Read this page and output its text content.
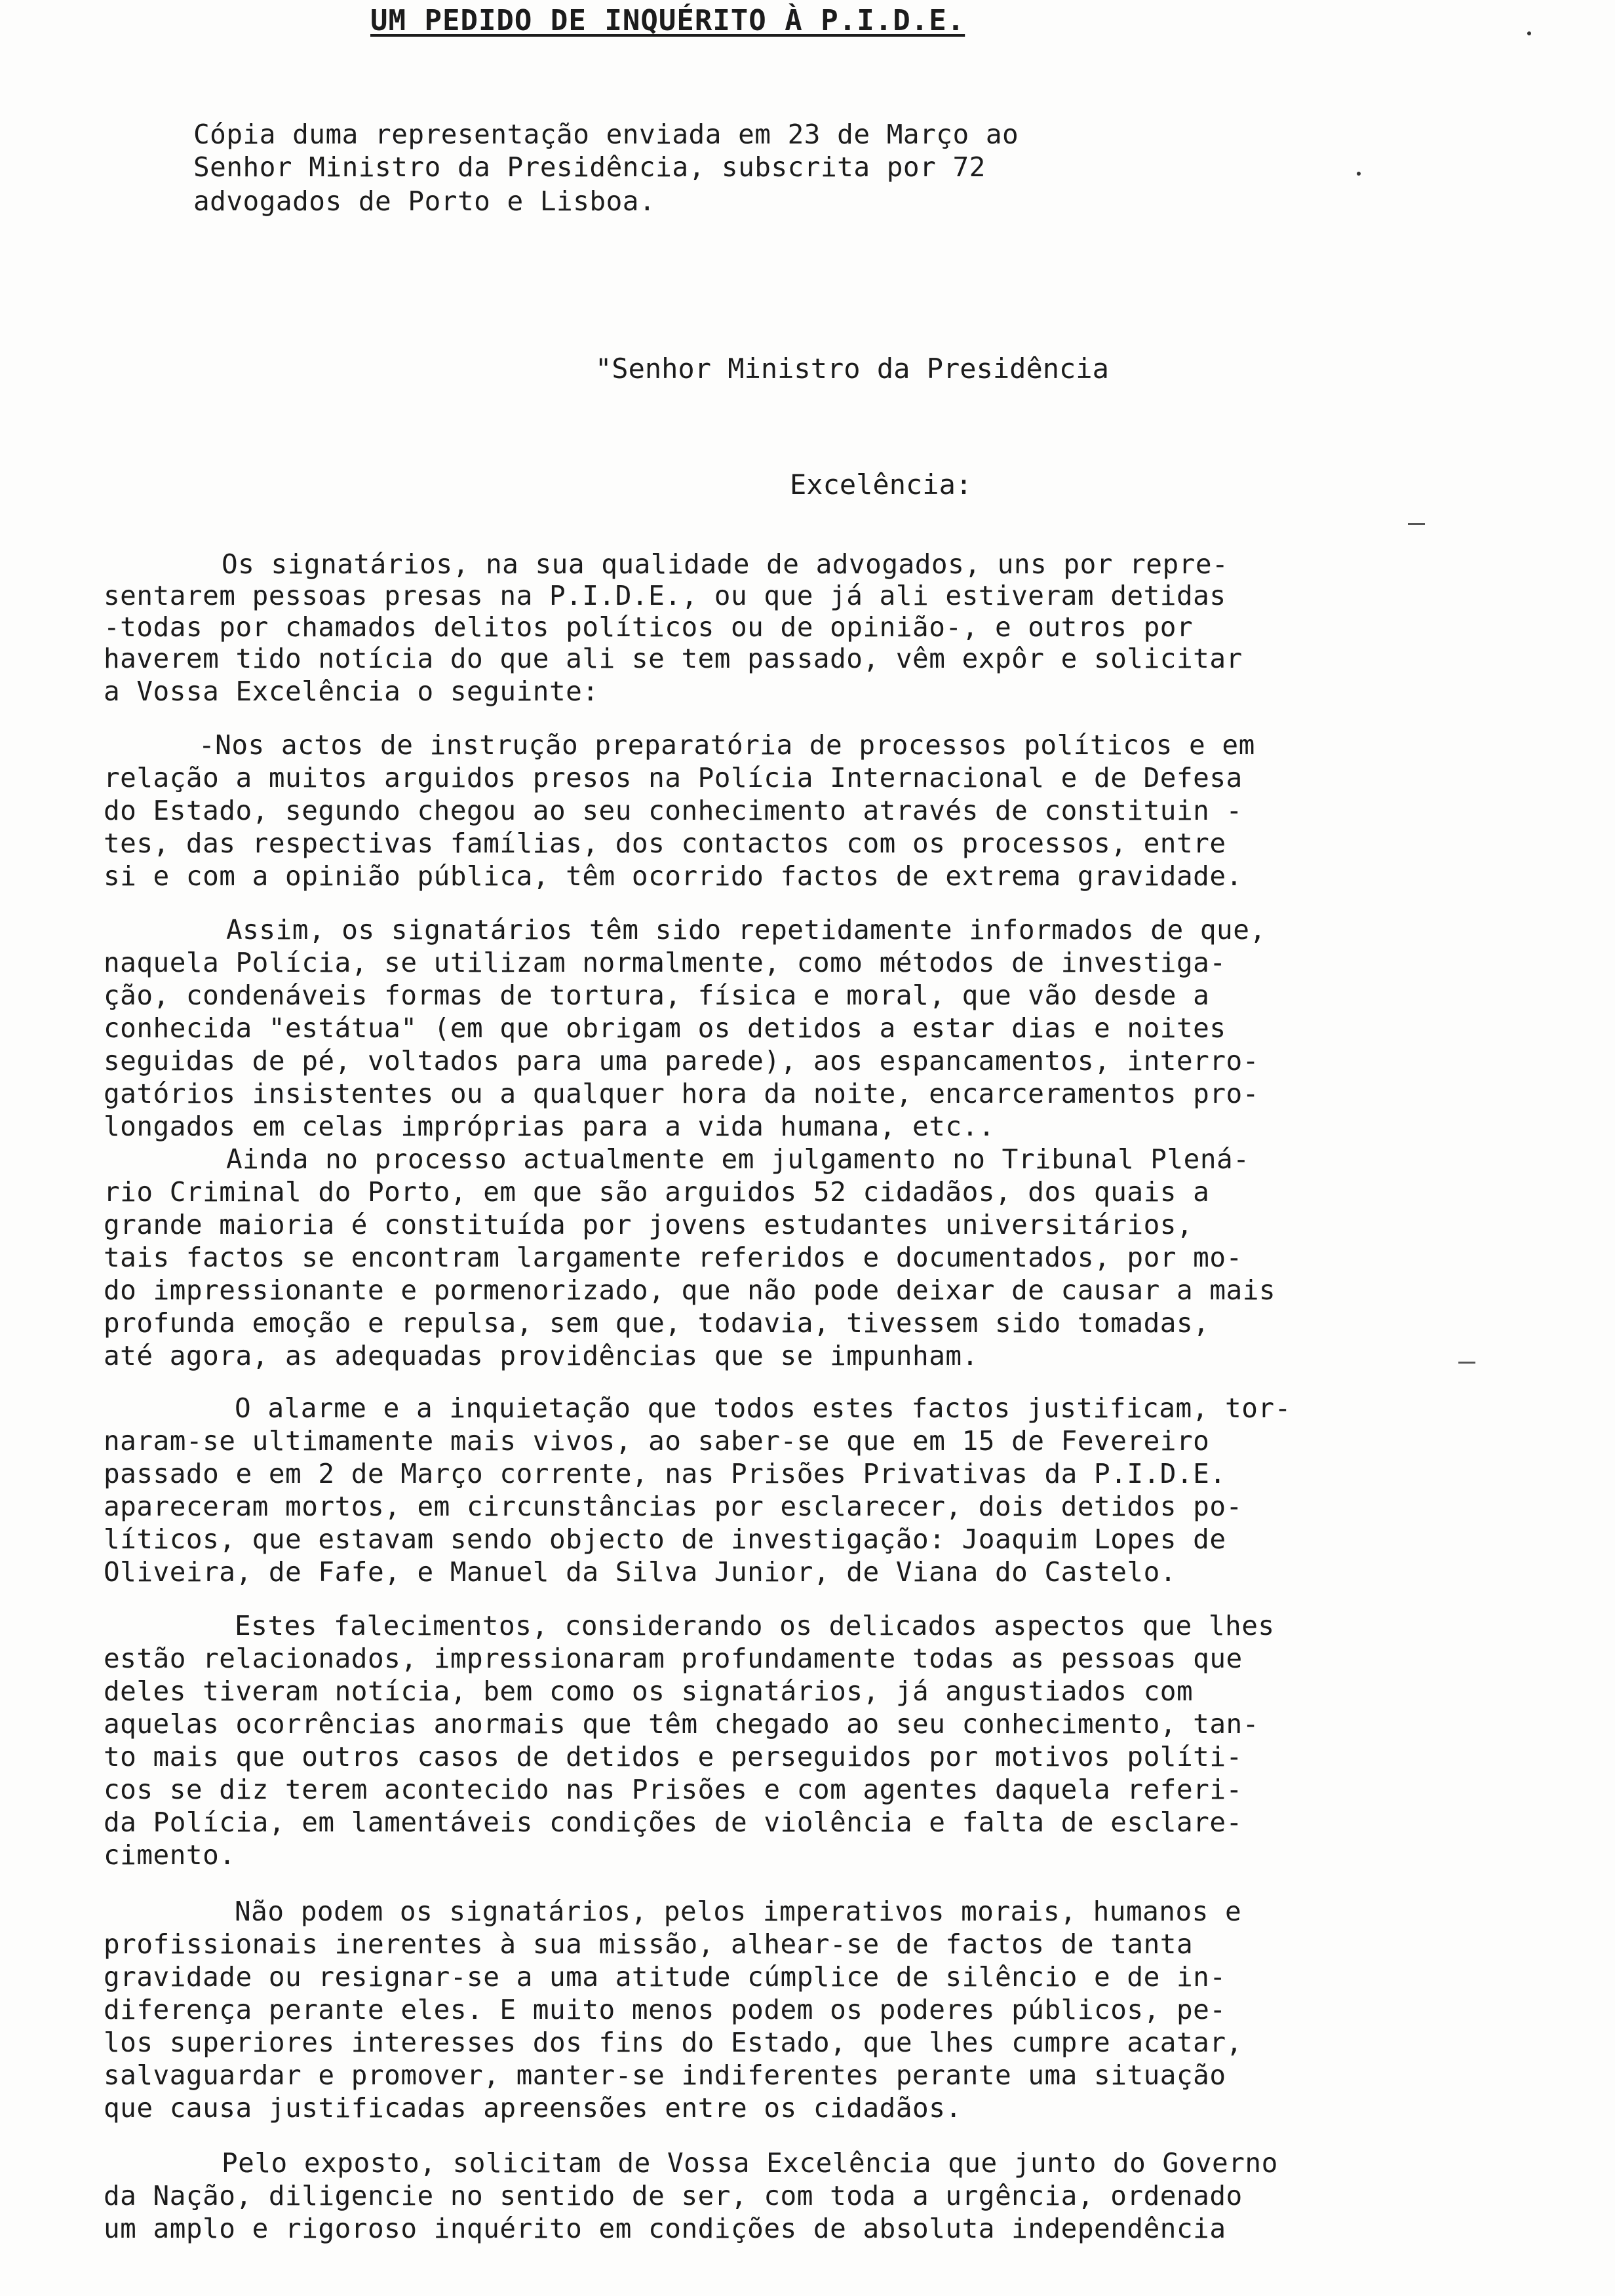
UM PEDIDO DE INQUÉRITO À P.I.D.E.
Cópia duma representação enviada em 23 de Março ao
Senhor Ministro da Presidência, subscrita por 72
advogados de Porto e Lisboa.
"Senhor Ministro da Presidência
Excelência:
Os signatários, na sua qualidade de advogados, uns por repre-
sentarem pessoas presas na P.I.D.E., ou que já ali estiveram detidas
-todas por chamados delitos políticos ou de opinião-, e outros por
haverem tido notícia do que ali se tem passado, vêm expôr e solicitar
a Vossa Excelência o seguinte:
-Nos actos de instrução preparatória de processos políticos e em
relação a muitos arguidos presos na Polícia Internacional e de Defesa
do Estado, segundo chegou ao seu conhecimento através de constituin -
tes, das respectivas famílias, dos contactos com os processos, entre
si e com a opinião pública, têm ocorrido factos de extrema gravidade.
Assim, os signatários têm sido repetidamente informados de que,
naquela Polícia, se utilizam normalmente, como métodos de investiga-
ção, condenáveis formas de tortura, física e moral, que vão desde a
conhecida "estátua" (em que obrigam os detidos a estar dias e noites
seguidas de pé, voltados para uma parede), aos espancamentos, interro-
gatórios insistentes ou a qualquer hora da noite, encarceramentos pro-
longados em celas impróprias para a vida humana, etc..
Ainda no processo actualmente em julgamento no Tribunal Plená-
rio Criminal do Porto, em que são arguidos 52 cidadãos, dos quais a
grande maioria é constituída por jovens estudantes universitários,
tais factos se encontram largamente referidos e documentados, por mo-
do impressionante e pormenorizado, que não pode deixar de causar a mais
profunda emoção e repulsa, sem que, todavia, tivessem sido tomadas,
até agora, as adequadas providências que se impunham.
O alarme e a inquietação que todos estes factos justificam, tor-
naram-se ultimamente mais vivos, ao saber-se que em 15 de Fevereiro
passado e em 2 de Março corrente, nas Prisões Privativas da P.I.D.E.
apareceram mortos, em circunstâncias por esclarecer, dois detidos po-
líticos, que estavam sendo objecto de investigação: Joaquim Lopes de
Oliveira, de Fafe, e Manuel da Silva Junior, de Viana do Castelo.
Estes falecimentos, considerando os delicados aspectos que lhes
estão relacionados, impressionaram profundamente todas as pessoas que
deles tiveram notícia, bem como os signatários, já angustiados com
aquelas ocorrências anormais que têm chegado ao seu conhecimento, tan-
to mais que outros casos de detidos e perseguidos por motivos políti-
cos se diz terem acontecido nas Prisões e com agentes daquela referi-
da Polícia, em lamentáveis condições de violência e falta de esclare-
cimento.
Não podem os signatários, pelos imperativos morais, humanos e
profissionais inerentes à sua missão, alhear-se de factos de tanta
gravidade ou resignar-se a uma atitude cúmplice de silêncio e de in-
diferença perante eles. E muito menos podem os poderes públicos, pe-
los superiores interesses dos fins do Estado, que lhes cumpre acatar,
salvaguardar e promover, manter-se indiferentes perante uma situação
que causa justificadas apreensões entre os cidadãos.
Pelo exposto, solicitam de Vossa Excelência que junto do Governo
da Nação, diligencie no sentido de ser, com toda a urgência, ordenado
um amplo e rigoroso inquérito em condições de absoluta independência
